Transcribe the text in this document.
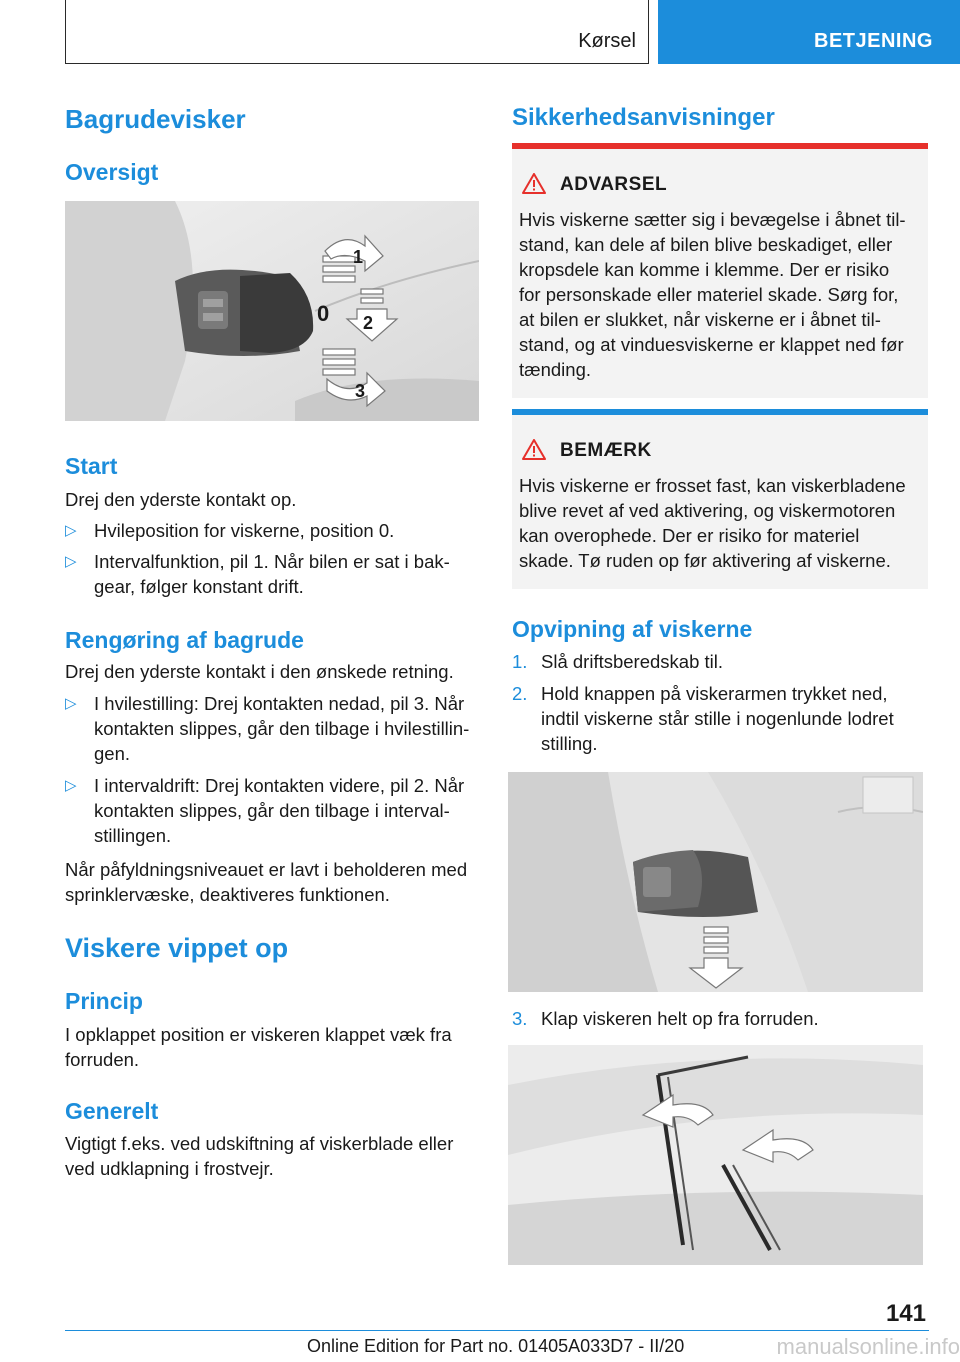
Kørsel	BETJENING
Bagrudevisker
Oversigt
1
0 2
3
Start

Drej den yderste kontakt op.

▷ Hvileposition for viskerne, position 0.
▷ Intervalfunktion, pil 1. Når bilen er sat i bak-
gear, følger konstant drift.
Rengøring af bagrude

Drej den yderste kontakt i den ønskede retning.

▷ I hvilestilling: Drej kontakten nedad, pil 3. Når
kontakten slippes, går den tilbage i hvilestillin-
gen.
▷ I intervaldrift: Drej kontakten videre, pil 2. Når
kontakten slippes, går den tilbage i interval-
stillingen.

Når påfyldningsniveauet er lavt i beholderen med
sprinklervæske, deaktiveres funktionen.

Viskere vippet op
Princip

I opklappet position er viskeren klappet væk fra
forruden.

Generelt

Vigtigt f.eks. ved udskiftning af viskerblade eller
ved udklapning i frostvejr.

Sikkerhedsanvisninger
ADVARSEL

Hvis viskerne sætter sig i bevægelse i åbnet til-
stand, kan dele af bilen blive beskadiget, eller
kropsdele kan komme i klemme. Der er risiko
for personskade eller materiel skade. Sørg for,
at bilen er slukket, når viskerne er i åbnet til-
stand, og at vinduesviskerne er klappet ned før
tænding.

BEMÆRK

Hvis viskerne er frosset fast, kan viskerbladene
blive revet af ved aktivering, og viskermotoren
kan overophede. Der er risiko for materiel
skade. Tø ruden op før aktivering af viskerne.

Opvipning af viskerne
1. Slå driftsberedskab til.
2. Hold knappen på viskerarmen trykket ned,
indtil viskerne står stille i nogenlunde lodret
stilling.
3. Klap viskeren helt op fra forruden.
141
Online Edition for Part no. 01405A033D7 - II/20	manualsonline.info
